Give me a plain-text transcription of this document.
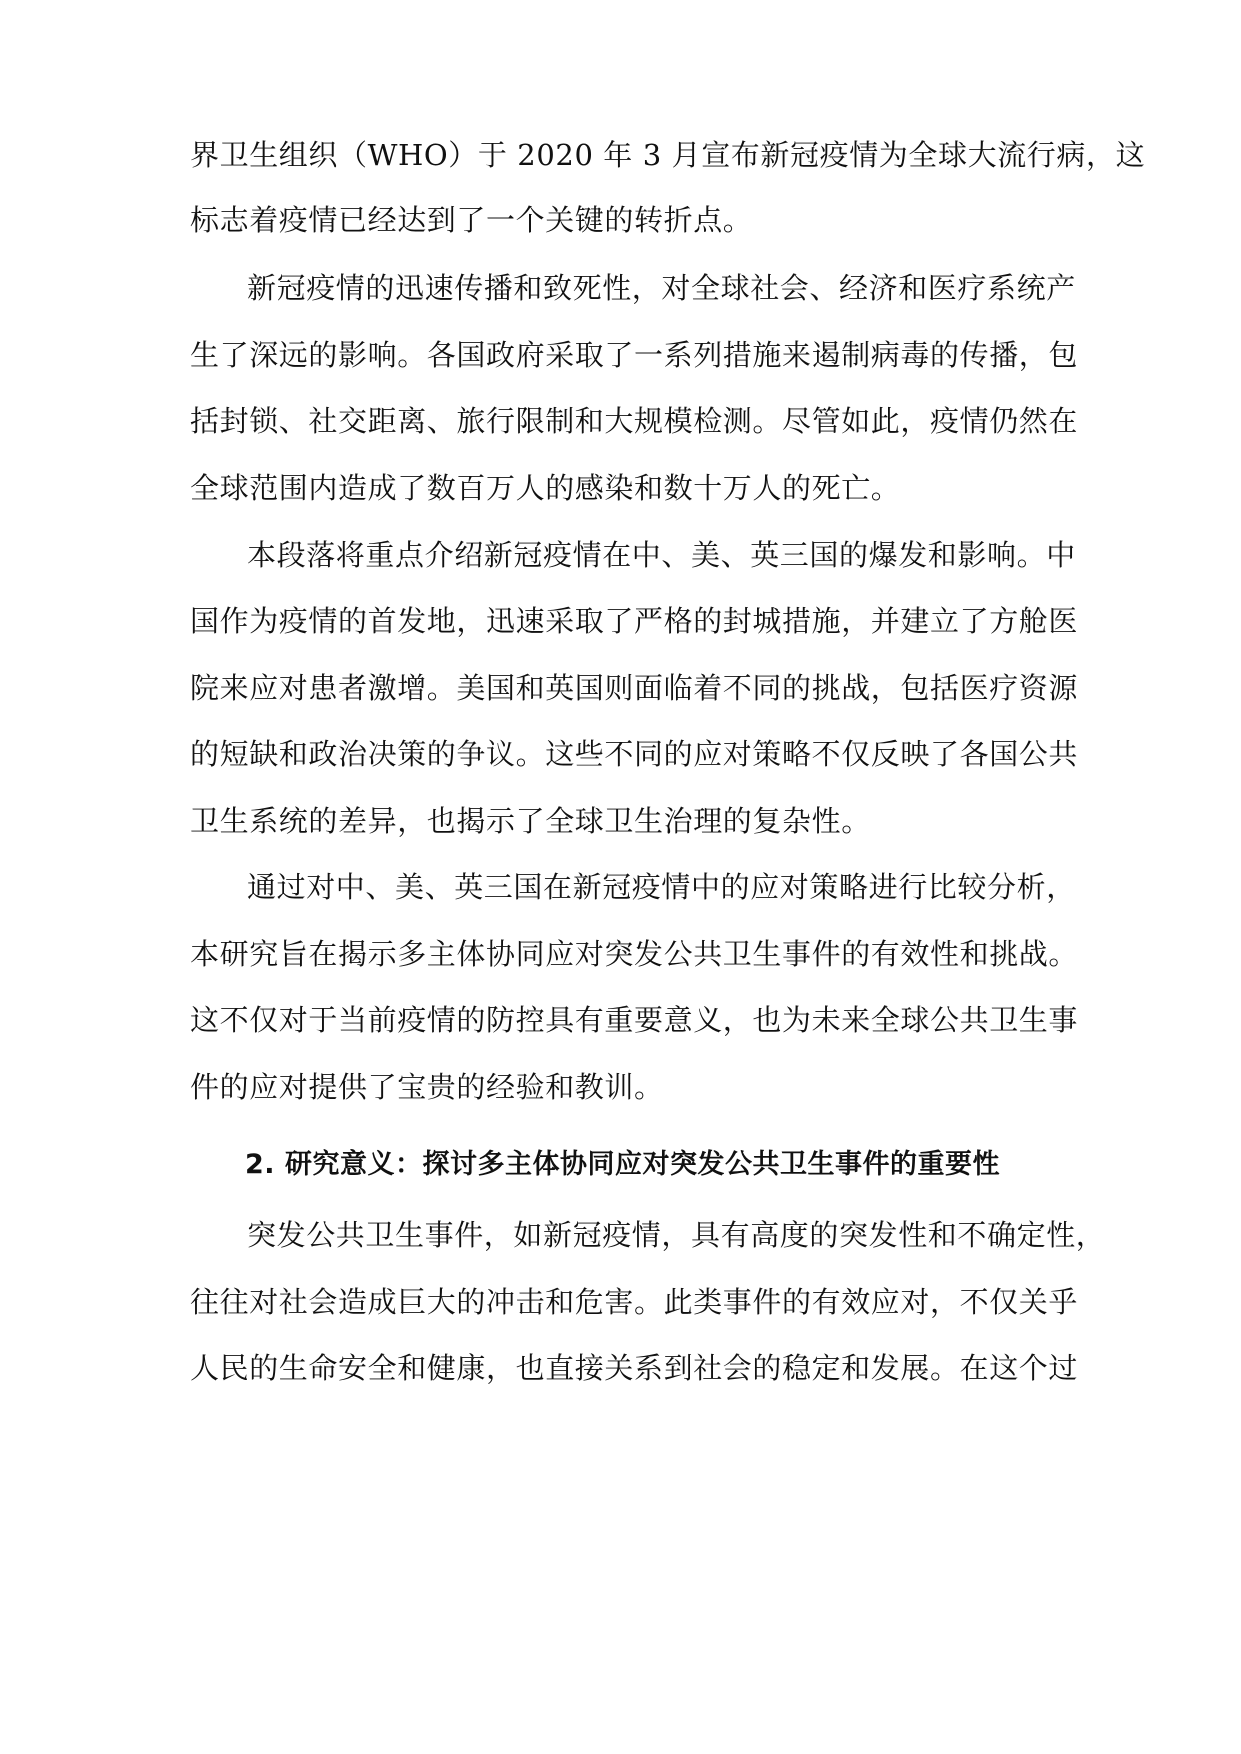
界卫生组织（WHO）于 2020 年 3 月宣布新冠疫情为全球大流行病，这
标志着疫情已经达到了一个关键的转折点。
新冠疫情的迅速传播和致死性，对全球社会、经济和医疗系统产
生了深远的影响。各国政府采取了一系列措施来遏制病毒的传播，包
括封锁、社交距离、旅行限制和大规模检测。尽管如此，疫情仍然在
全球范围内造成了数百万人的感染和数十万人的死亡。
本段落将重点介绍新冠疫情在中、美、英三国的爆发和影响。中
国作为疫情的首发地，迅速采取了严格的封城措施，并建立了方舱医
院来应对患者激增。美国和英国则面临着不同的挑战，包括医疗资源
的短缺和政治决策的争议。这些不同的应对策略不仅反映了各国公共
卫生系统的差异，也揭示了全球卫生治理的复杂性。
通过对中、美、英三国在新冠疫情中的应对策略进行比较分析，
本研究旨在揭示多主体协同应对突发公共卫生事件的有效性和挑战。
这不仅对于当前疫情的防控具有重要意义，也为未来全球公共卫生事
件的应对提供了宝贵的经验和教训。
2. 研究意义：探讨多主体协同应对突发公共卫生事件的重要性
突发公共卫生事件，如新冠疫情，具有高度的突发性和不确定性，
往往对社会造成巨大的冲击和危害。此类事件的有效应对，不仅关乎
人民的生命安全和健康，也直接关系到社会的稳定和发展。在这个过
